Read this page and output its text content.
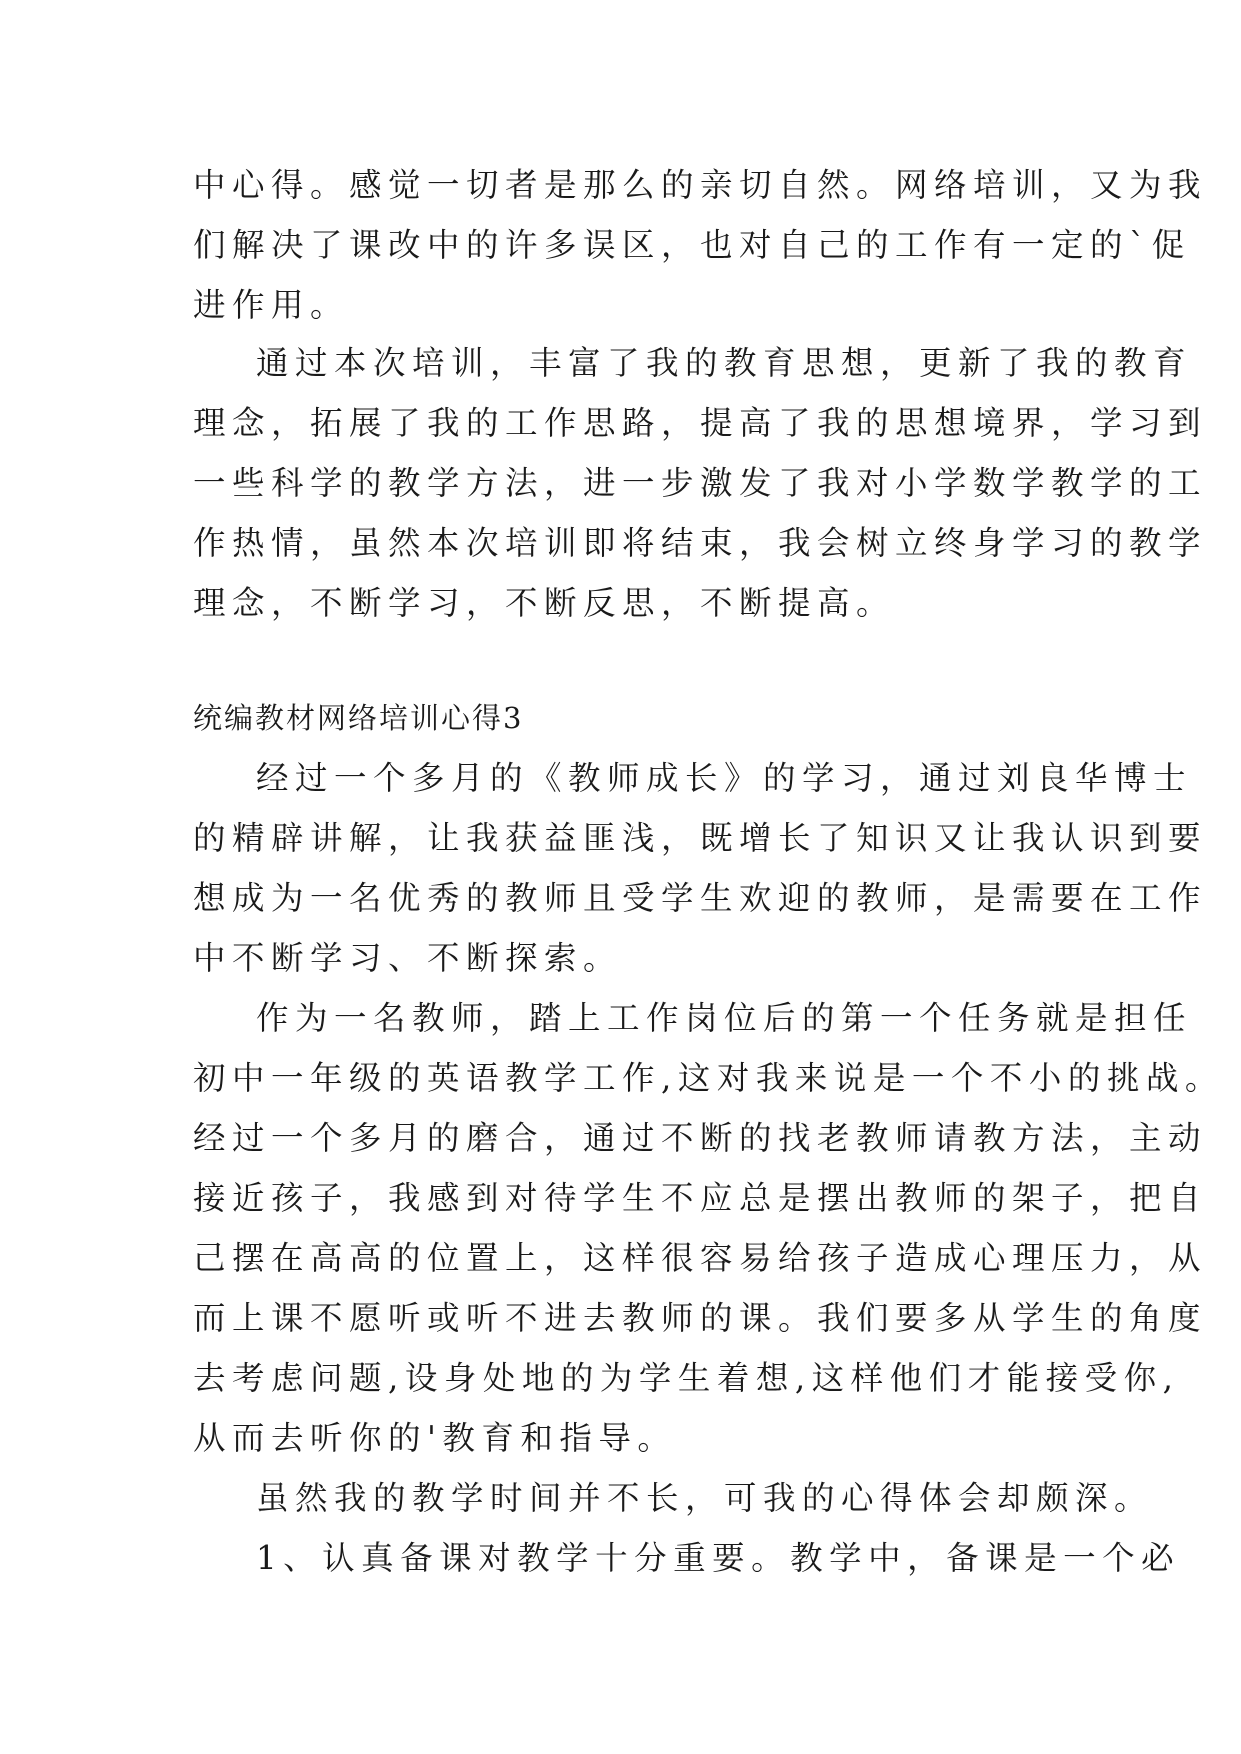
中心得。感觉一切者是那么的亲切自然。网络培训，又为我
们解决了课改中的许多误区，也对自己的工作有一定的`促
进作用。
通过本次培训，丰富了我的教育思想，更新了我的教育
理念，拓展了我的工作思路，提高了我的思想境界，学习到
一些科学的教学方法，进一步激发了我对小学数学教学的工
作热情，虽然本次培训即将结束，我会树立终身学习的教学
理念，不断学习，不断反思，不断提高。
统编教材网络培训心得3
经过一个多月的《教师成长》的学习，通过刘良华博士
的精辟讲解，让我获益匪浅，既增长了知识又让我认识到要
想成为一名优秀的教师且受学生欢迎的教师，是需要在工作
中不断学习、不断探索。
作为一名教师，踏上工作岗位后的第一个任务就是担任
初中一年级的英语教学工作,这对我来说是一个不小的挑战。
经过一个多月的磨合，通过不断的找老教师请教方法，主动
接近孩子，我感到对待学生不应总是摆出教师的架子，把自
己摆在高高的位置上，这样很容易给孩子造成心理压力，从
而上课不愿听或听不进去教师的课。我们要多从学生的角度
去考虑问题,设身处地的为学生着想,这样他们才能接受你,
从而去听你的'教育和指导。
虽然我的教学时间并不长，可我的心得体会却颇深。
1、认真备课对教学十分重要。教学中，备课是一个必
